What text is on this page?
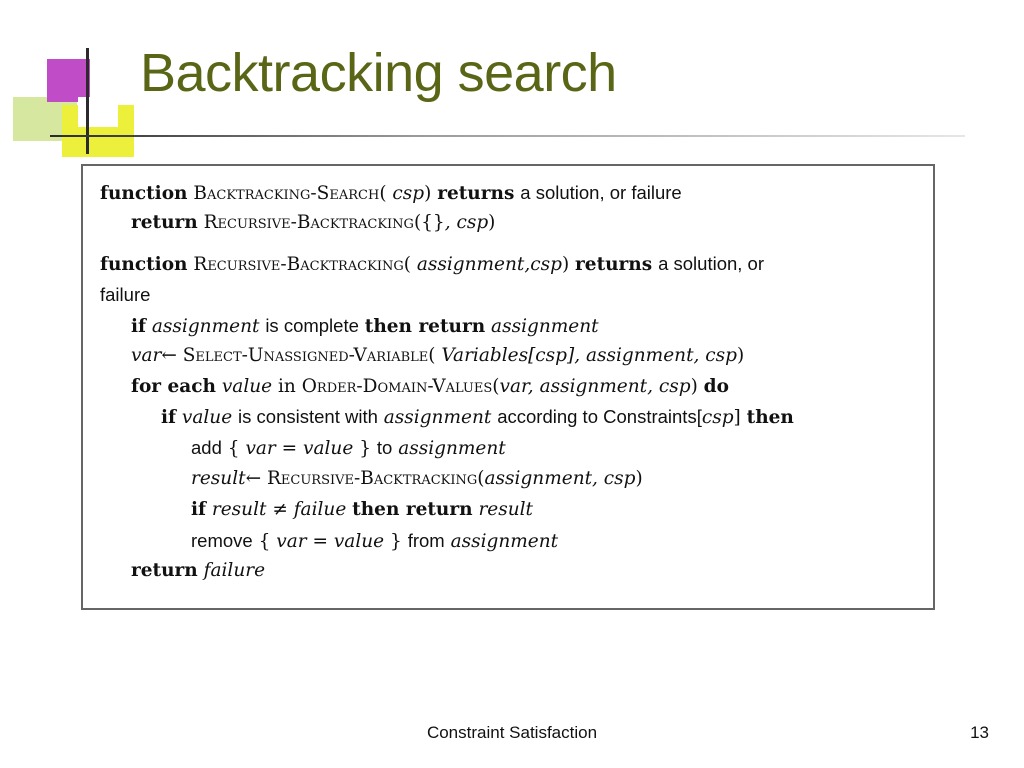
Backtracking search
function Backtracking-Search( csp) returns a solution, or failure
return Recursive-Backtracking({}, csp)
function Recursive-Backtracking( assignment,csp) returns a solution, or
failure
if assignment is complete then return assignment
var← Select-Unassigned-Variable( Variables[csp], assignment, csp)
for each value in Order-Domain-Values(var, assignment, csp) do
if value is consistent with assignment according to Constraints[csp] then
add { var = value } to assignment
result← Recursive-Backtracking(assignment, csp)
if result ≠ failue then return result
remove { var = value } from assignment
return failure
Constraint Satisfaction	13
